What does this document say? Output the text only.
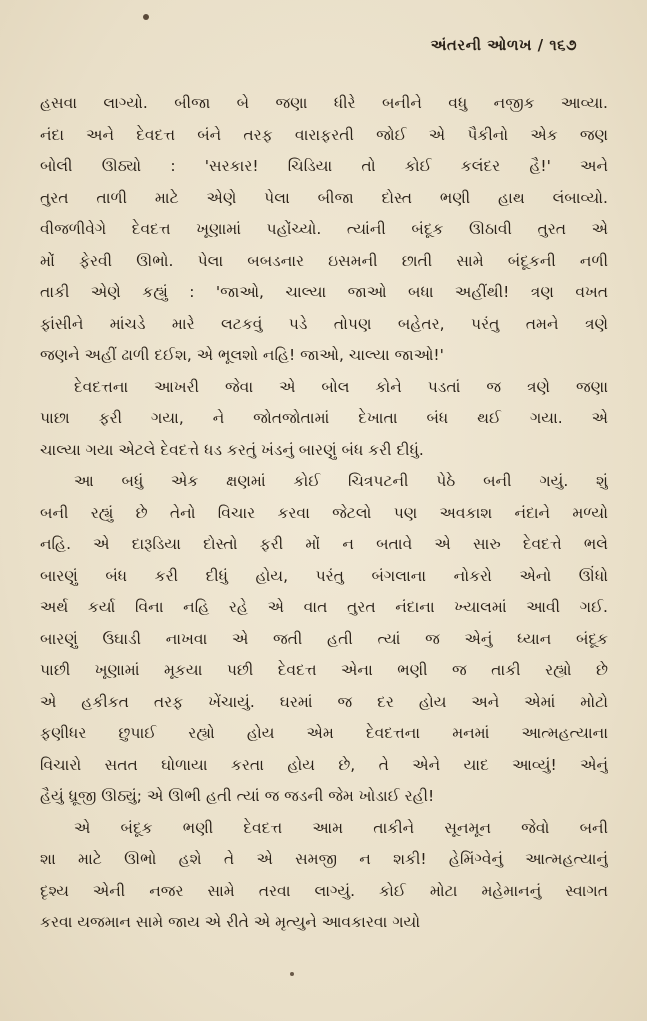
અંતરની ઓળખ / ૧૬૭
હસવા લાગ્યો. બીજા બે જણા ધીરે બનીને વધુ નજીક આવ્યા.
નંદા અને દેવદત્ત બંને તરફ વારાફરતી જોઈ એ પૈકીનો એક જણ
બોલી ઊઠ્યો : 'સરકાર! ચિડિયા તો કોઈ કલંદર હૈ!' અને
તુરત તાળી માટે એણે પેલા બીજા દોસ્ત ભણી હાથ લંબાવ્યો.
વીજળીવેગે દેવદત્ત ખૂણામાં પહોંચ્યો. ત્યાંની બંદૂક ઊઠાવી તુરત એ
મોં ફેરવી ઊભો. પેલા બબડનાર ઇસમની છાતી સામે બંદૂકની નળી
તાકી એણે કહ્યું : 'જાઓ, ચાલ્યા જાઓ બધા અહીંથી! ત્રણ વખત
ફાંસીને માંચડે મારે લટકવું પડે તોપણ બહેતર, પરંતુ તમને ત્રણે
જણને અહીં ઢાળી દઈશ, એ ભૂલશો નહિ! જાઓ, ચાલ્યા જાઓ!'
દેવદત્તના આખરી જેવા એ બોલ કોને પડતાં જ ત્રણે જણા
પાછા ફરી ગયા, ને જોતજોતામાં દેખાતા બંધ થઈ ગયા. એ
ચાલ્યા ગયા એટલે દેવદત્તે ધડ કરતું ખંડનું બારણું બંધ કરી દીધું.
આ બધું એક ક્ષણમાં કોઈ ચિત્રપટની પેઠે બની ગયું. શું
બની રહ્યું છે તેનો વિચાર કરવા જેટલો પણ અવકાશ નંદાને મળ્યો
નહિ. એ દારૂડિયા દોસ્તો ફરી મોં ન બતાવે એ સારુ દેવદત્તે ભલે
બારણું બંધ કરી દીધું હોય, પરંતુ બંગલાના નોકરો એનો ઊંધો
અર્થ કર્યા વિના નહિ રહે એ વાત તુરત નંદાના ખ્યાલમાં આવી ગઈ.
બારણું ઉઘાડી નાખવા એ જતી હતી ત્યાં જ એનું ધ્યાન બંદૂક
પાછી ખૂણામાં મૂકયા પછી દેવદત્ત એના ભણી જ તાકી રહ્યો છે
એ હકીકત તરફ ખેંચાયું. ઘરમાં જ દર હોય અને એમાં મોટો
ફણીધર છુપાઈ રહ્યો હોય એમ દેવદત્તના મનમાં આત્મહત્યાના
વિચારો સતત ઘોળાયા કરતા હોય છે, તે એને યાદ આવ્યું! એનું
હૈયું ધ્રૂજી ઊઠ્યું; એ ઊભી હતી ત્યાં જ જડની જેમ ખોડાઈ રહી!
એ બંદૂક ભણી દેવદત્ત આમ તાકીને સૂનમૂન જેવો બની
શા માટે ઊભો હશે તે એ સમજી ન શકી! હેમિંગ્વેનું આત્મહત્યાનું
દૃશ્ય એની નજર સામે તરવા લાગ્યું. કોઈ મોટા મહેમાનનું સ્વાગત
કરવા યજમાન સામે જાય એ રીતે એ મૃત્યુને આવકારવા ગયો
